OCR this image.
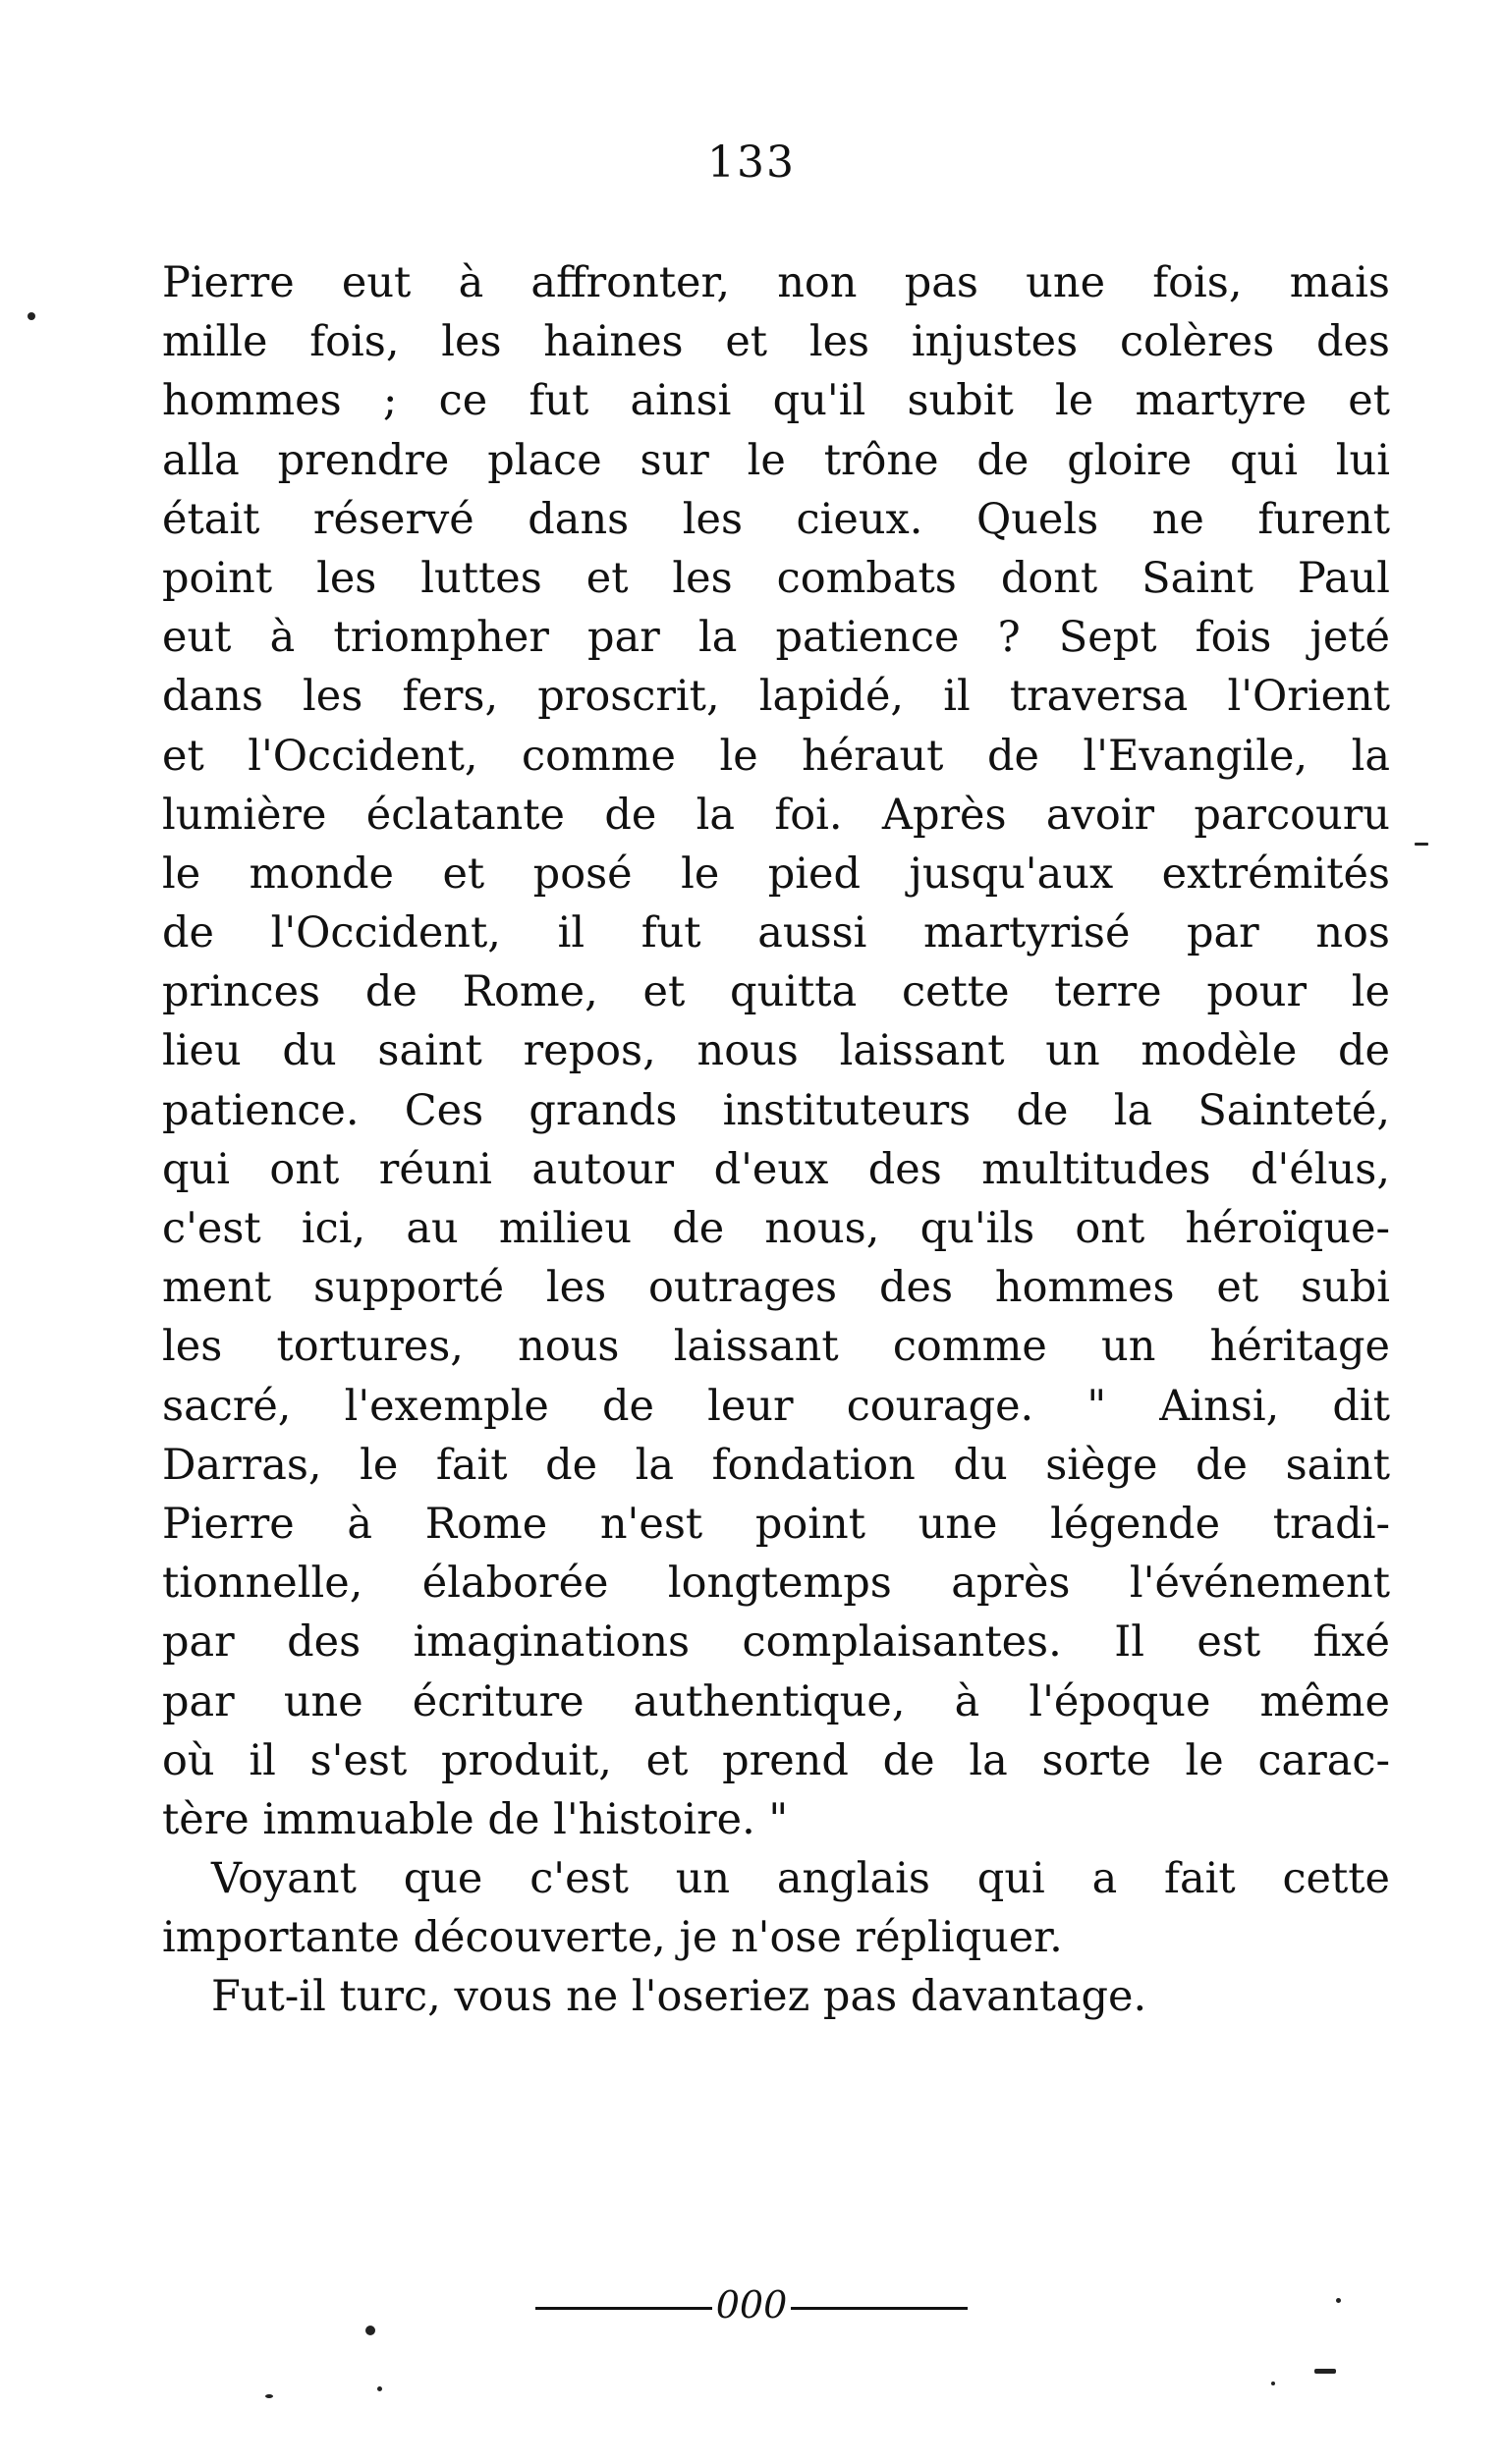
133
Pierre eut à affronter, non pas une fois, mais
mille fois, les haines et les injustes colères des
hommes ; ce fut ainsi qu'il subit le martyre et
alla prendre place sur le trône de gloire qui lui
était réservé dans les cieux. Quels ne furent
point les luttes et les combats dont Saint Paul
eut à triompher par la patience ? Sept fois jeté
dans les fers, proscrit, lapidé, il traversa l'Orient
et l'Occident, comme le héraut de l'Evangile, la
lumière éclatante de la foi. Après avoir parcouru
le monde et posé le pied jusqu'aux extrémités
de l'Occident, il fut aussi martyrisé par nos
princes de Rome, et quitta cette terre pour le
lieu du saint repos, nous laissant un modèle de
patience. Ces grands instituteurs de la Sainteté,
qui ont réuni autour d'eux des multitudes d'élus,
c'est ici, au milieu de nous, qu'ils ont héroïque-
ment supporté les outrages des hommes et subi
les tortures, nous laissant comme un héritage
sacré, l'exemple de leur courage. " Ainsi, dit
Darras, le fait de la fondation du siège de saint
Pierre à Rome n'est point une légende tradi-
tionnelle, élaborée longtemps après l'événement
par des imaginations complaisantes. Il est fixé
par une écriture authentique, à l'époque même
où il s'est produit, et prend de la sorte le carac-
tère immuable de l'histoire. "
Voyant que c'est un anglais qui a fait cette
importante découverte, je n'ose répliquer.
Fut-il turc, vous ne l'oseriez pas davantage.
000
